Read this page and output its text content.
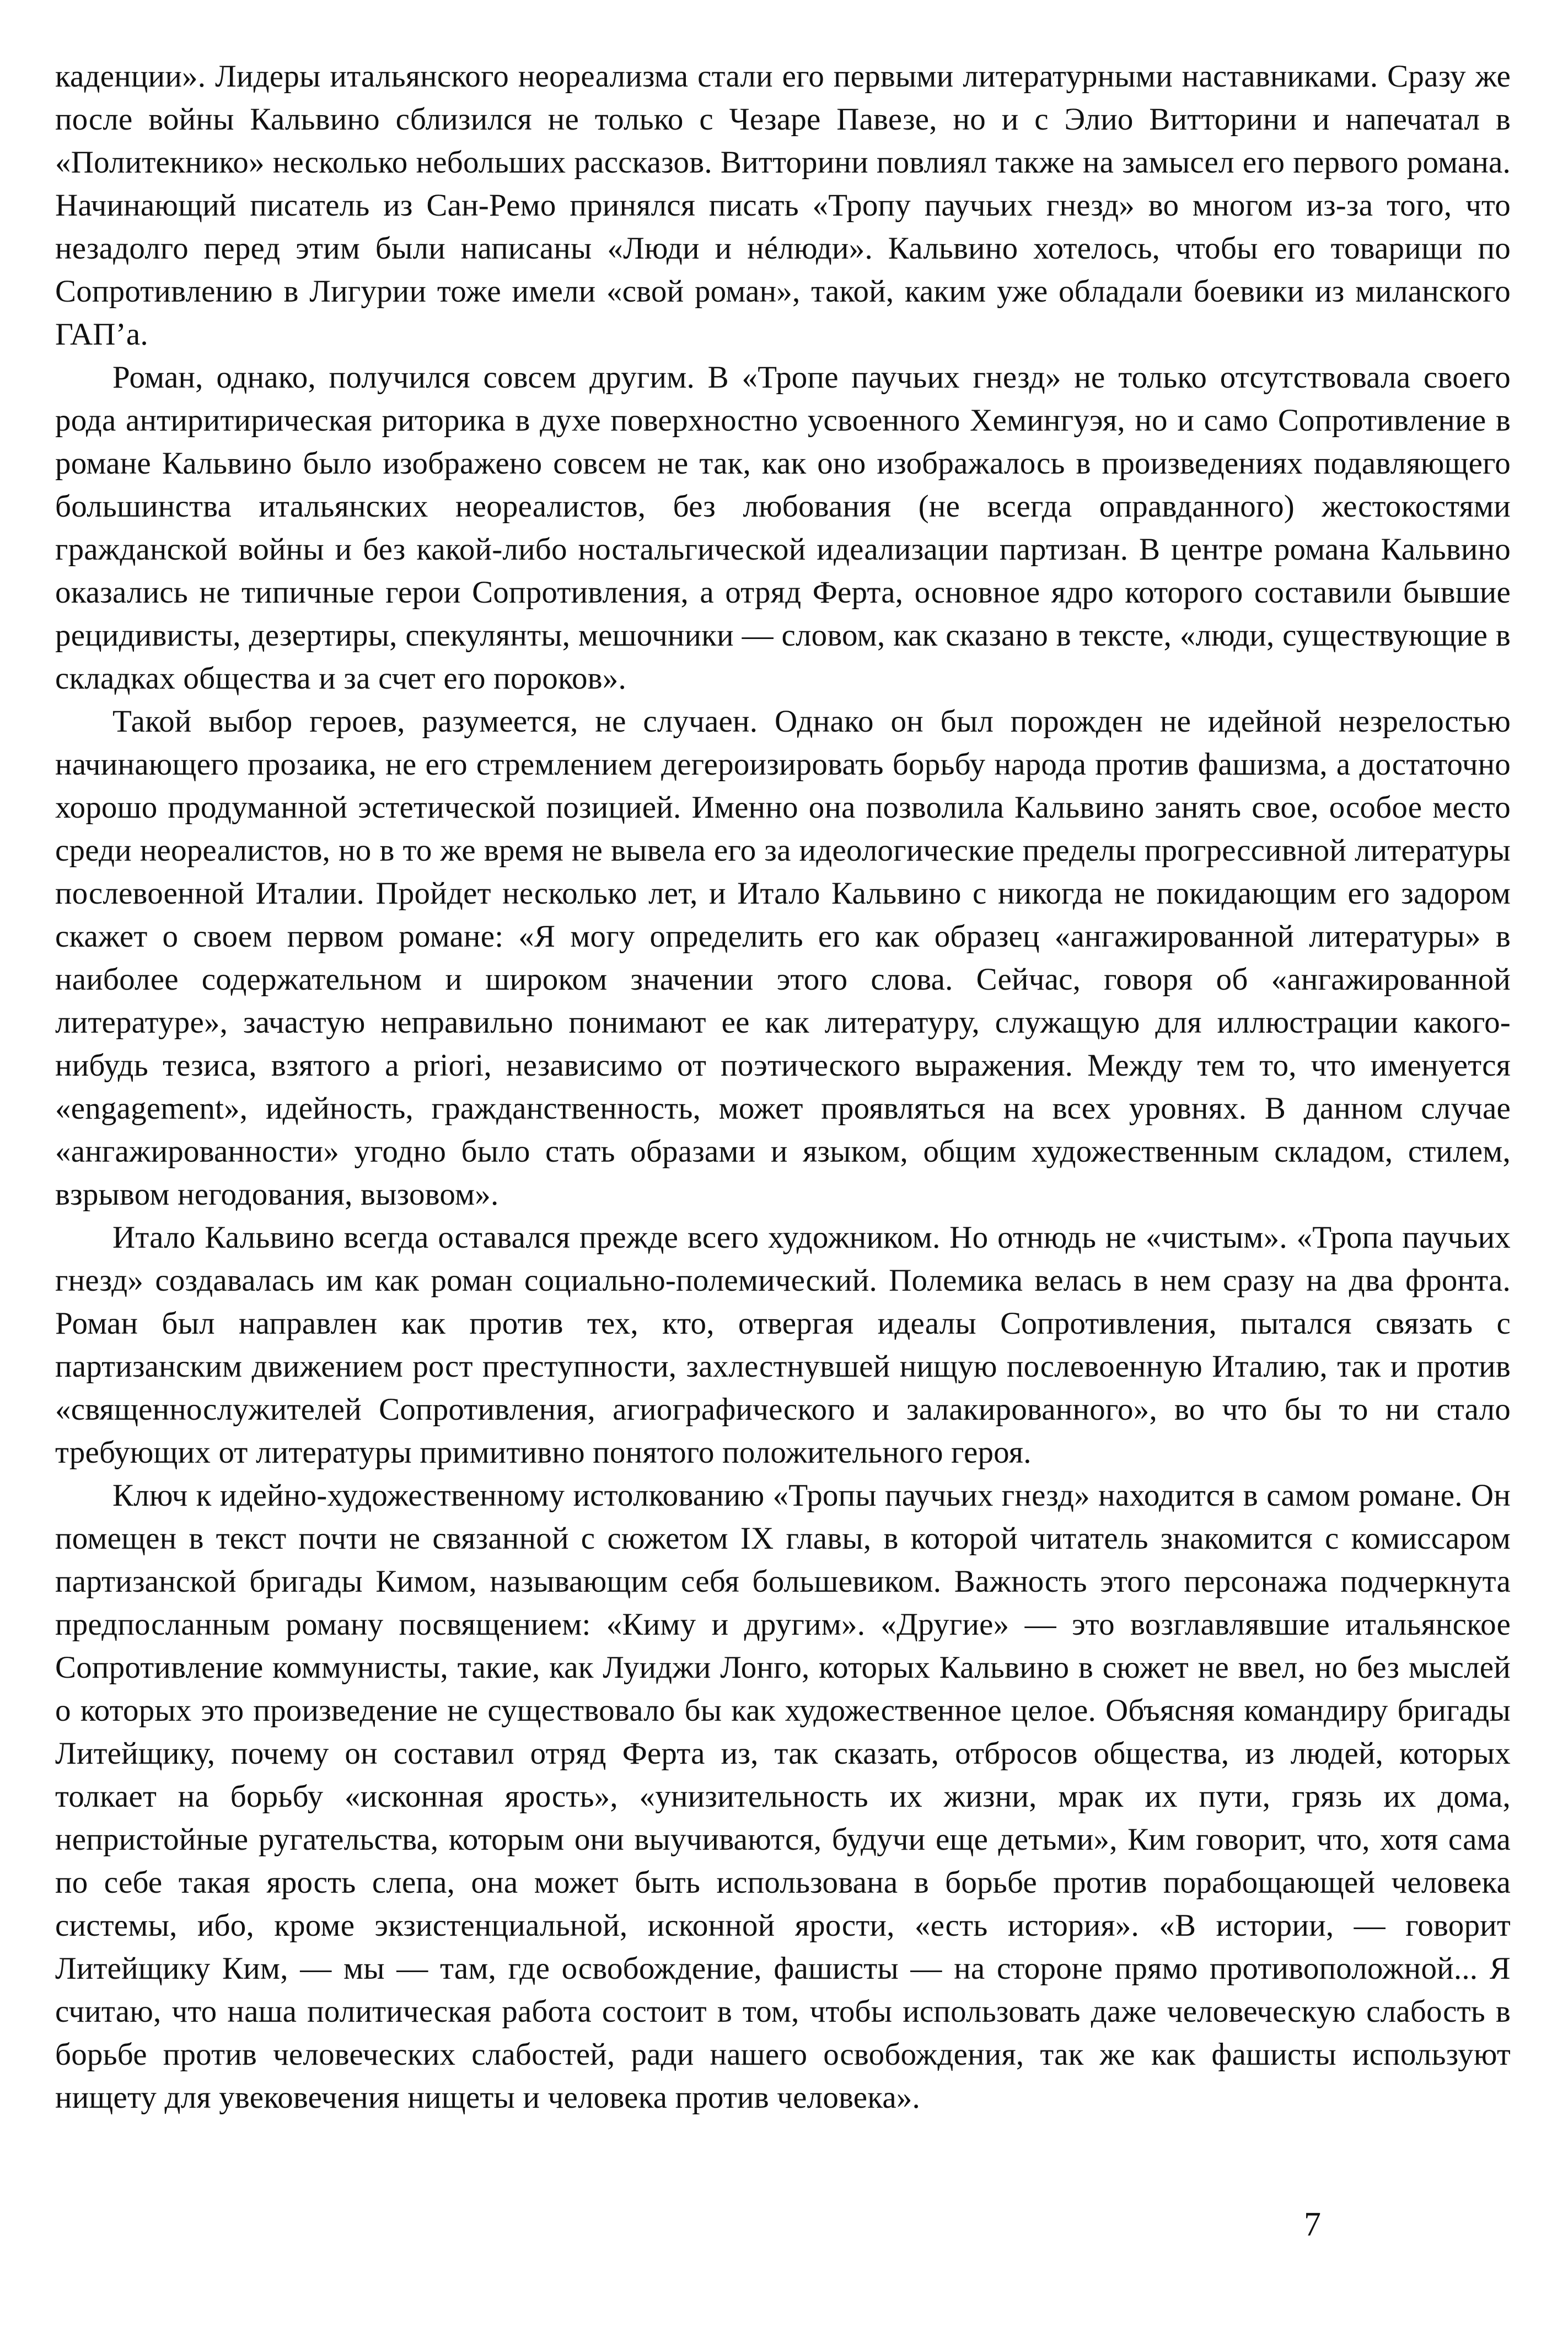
каденции». Лидеры итальянского неореализма стали его первыми литературными наставниками. Сразу же после войны Кальвино сблизился не только с Чезаре Павезе, но и с Элио Витторини и напечатал в «Политекнико» несколько небольших рассказов. Витторини повлиял также на замысел его первого романа. Начинающий писатель из Сан-Ремо принялся писать «Тропу паучьих гнезд» во многом из-за того, что незадолго перед этим были написаны «Люди и нéлюди». Кальвино хотелось, чтобы его товарищи по Сопротивлению в Лигурии тоже имели «свой роман», такой, каким уже обладали боевики из миланского ГАП’а.

Роман, однако, получился совсем другим. В «Тропе паучьих гнезд» не только отсутствовала своего рода антиритирическая риторика в духе поверхностно усвоенного Хемингуэя, но и само Сопротивление в романе Кальвино было изображено совсем не так, как оно изображалось в произведениях подавляющего большинства итальянских неореалистов, без любования (не всегда оправданного) жестокостями гражданской войны и без какой-либо ностальгической идеализации партизан. В центре романа Кальвино оказались не типичные герои Сопротивления, а отряд Ферта, основное ядро которого составили бывшие рецидивисты, дезертиры, спекулянты, мешочники — словом, как сказано в тексте, «люди, существующие в складках общества и за счет его пороков».

Такой выбор героев, разумеется, не случаен. Однако он был порожден не идейной незрелостью начинающего прозаика, не его стремлением дегероизировать борьбу народа против фашизма, а достаточно хорошо продуманной эстетической позицией. Именно она позволила Кальвино занять свое, особое место среди неореалистов, но в то же время не вывела его за идеологические пределы прогрессивной литературы послевоенной Италии. Пройдет несколько лет, и Итало Кальвино с никогда не покидающим его задором скажет о своем первом романе: «Я могу определить его как образец «ангажированной литературы» в наиболее содержательном и широком значении этого слова. Сейчас, говоря об «ангажированной литературе», зачастую неправильно понимают ее как литературу, служащую для иллюстрации какого-нибудь тезиса, взятого a priori, независимо от поэтического выражения. Между тем то, что именуется «engagement», идейность, гражданственность, может проявляться на всех уровнях. В данном случае «ангажированности» угодно было стать образами и языком, общим художественным складом, стилем, взрывом негодования, вызовом».

Итало Кальвино всегда оставался прежде всего художником. Но отнюдь не «чистым». «Тропа паучьих гнезд» создавалась им как роман социально-полемический. Полемика велась в нем сразу на два фронта. Роман был направлен как против тех, кто, отвергая идеалы Сопротивления, пытался связать с партизанским движением рост преступности, захлестнувшей нищую послевоенную Италию, так и против «священнослужителей Сопротивления, агиографического и залакированного», во что бы то ни стало требующих от литературы примитивно понятого положительного героя.

Ключ к идейно-художественному истолкованию «Тропы паучьих гнезд» находится в самом романе. Он помещен в текст почти не связанной с сюжетом IX главы, в которой читатель знакомится с комиссаром партизанской бригады Кимом, называющим себя большевиком. Важность этого персонажа подчеркнута предпосланным роману посвящением: «Киму и другим». «Другие» — это возглавлявшие итальянское Сопротивление коммунисты, такие, как Луиджи Лонго, которых Кальвино в сюжет не ввел, но без мыслей о которых это произведение не существовало бы как художественное целое. Объясняя командиру бригады Литейщику, почему он составил отряд Ферта из, так сказать, отбросов общества, из людей, которых толкает на борьбу «исконная ярость», «унизительность их жизни, мрак их пути, грязь их дома, непристойные ругательства, которым они выучиваются, будучи еще детьми», Ким говорит, что, хотя сама по себе такая ярость слепа, она может быть использована в борьбе против порабощающей человека системы, ибо, кроме экзистенциальной, исконной ярости, «есть история». «В истории, — говорит Литейщику Ким, — мы — там, где освобождение, фашисты — на стороне прямо противоположной... Я считаю, что наша политическая работа состоит в том, чтобы использовать даже человеческую слабость в борьбе против человеческих слабостей, ради нашего освобождения, так же как фашисты используют нищету для увековечения нищеты и человека против человека».

7
